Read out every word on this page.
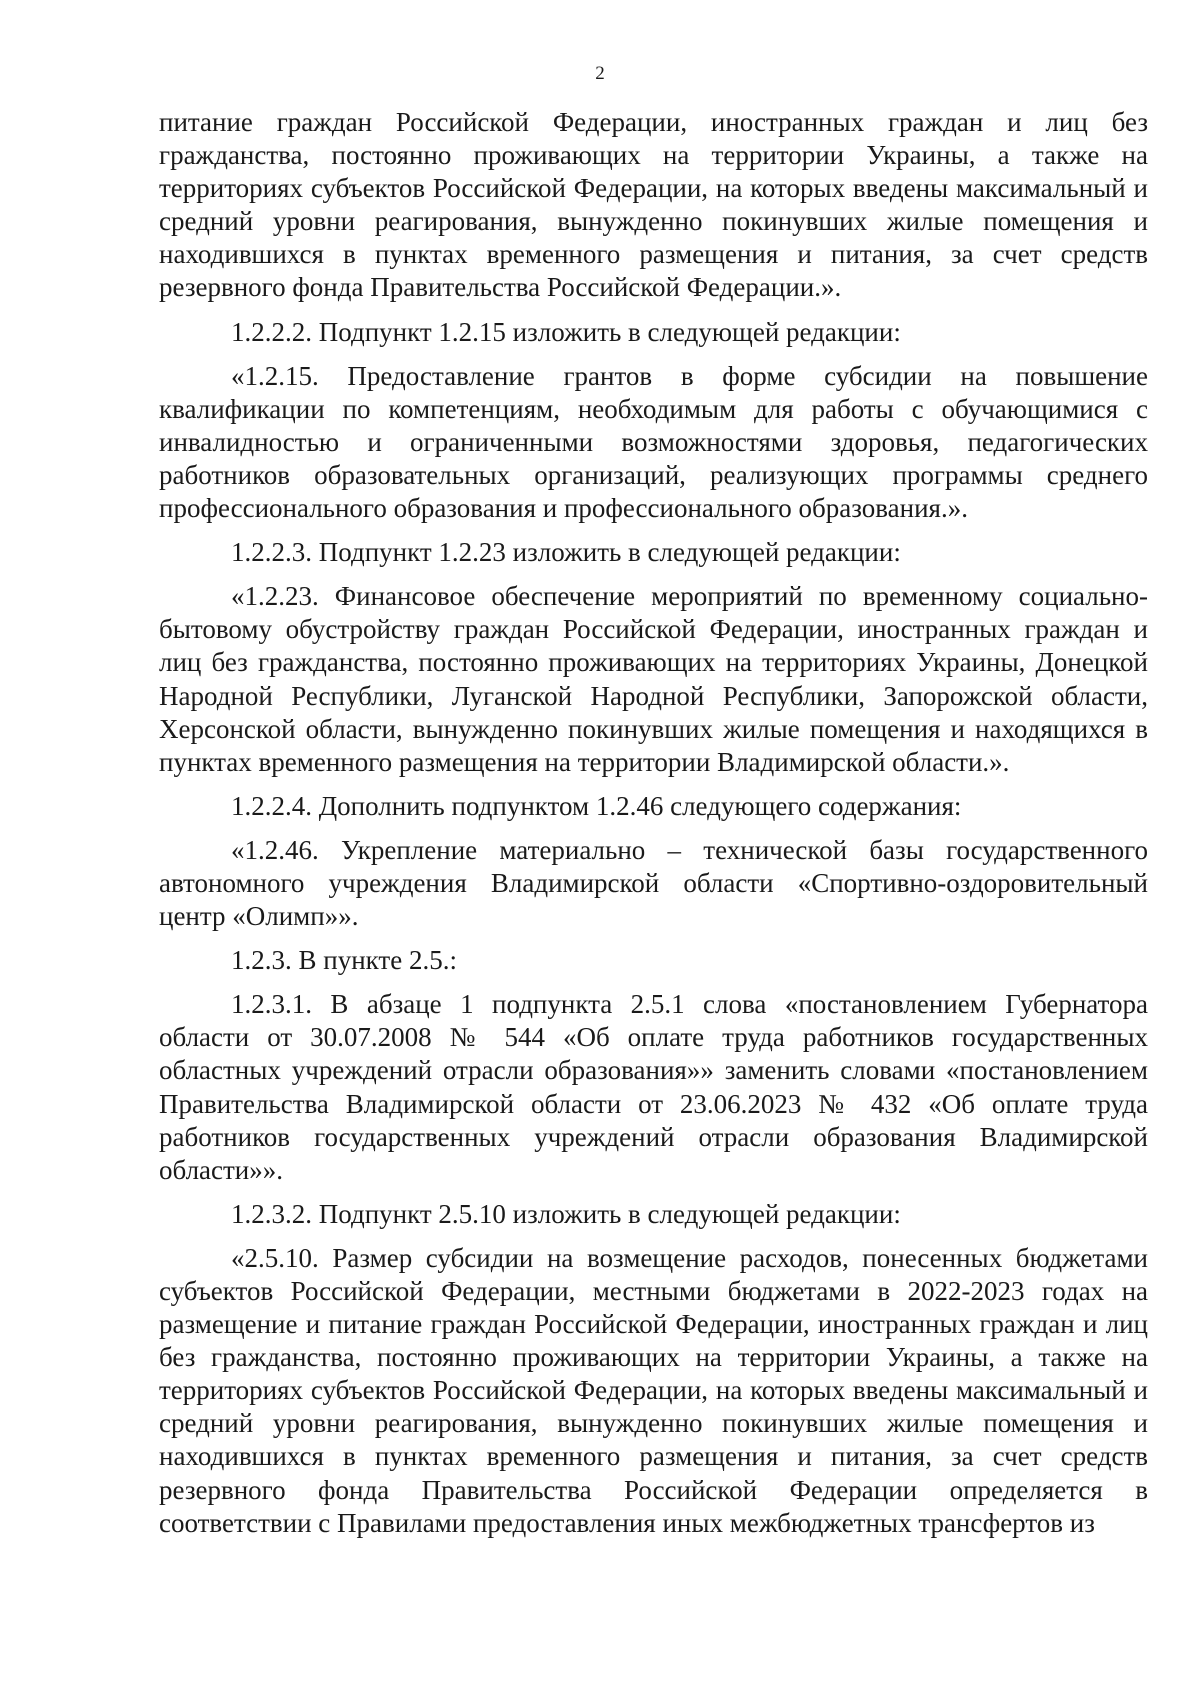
2

питание граждан Российской Федерации, иностранных граждан и лиц без гражданства, постоянно проживающих на территории Украины, а также на территориях субъектов Российской Федерации, на которых введены максимальный и средний уровни реагирования, вынужденно покинувших жилые помещения и находившихся в пунктах временного размещения и питания, за счет средств резервного фонда Правительства Российской Федерации.».

1.2.2.2. Подпункт 1.2.15 изложить в следующей редакции:

«1.2.15. Предоставление грантов в форме субсидии на повышение квалификации по компетенциям, необходимым для работы с обучающимися с инвалидностью и ограниченными возможностями здоровья, педагогических работников образовательных организаций, реализующих программы среднего профессионального образования и профессионального образования.».

1.2.2.3. Подпункт 1.2.23 изложить в следующей редакции:

«1.2.23. Финансовое обеспечение мероприятий по временному социально-бытовому обустройству граждан Российской Федерации, иностранных граждан и лиц без гражданства, постоянно проживающих на территориях Украины, Донецкой Народной Республики, Луганской Народной Республики, Запорожской области, Херсонской области, вынужденно покинувших жилые помещения и находящихся в пунктах временного размещения на территории Владимирской области.».

1.2.2.4. Дополнить подпунктом 1.2.46 следующего содержания:

«1.2.46. Укрепление материально – технической базы государственного автономного учреждения Владимирской области «Спортивно-оздоровительный центр «Олимп»».

1.2.3. В пункте 2.5.:

1.2.3.1. В абзаце 1 подпункта 2.5.1 слова «постановлением Губернатора области от 30.07.2008 № 544 «Об оплате труда работников государственных областных учреждений отрасли образования»» заменить словами «постановлением Правительства Владимирской области от 23.06.2023 № 432 «Об оплате труда работников государственных учреждений отрасли образования Владимирской области»».

1.2.3.2. Подпункт 2.5.10 изложить в следующей редакции:

«2.5.10. Размер субсидии на возмещение расходов, понесенных бюджетами субъектов Российской Федерации, местными бюджетами в 2022-2023 годах на размещение и питание граждан Российской Федерации, иностранных граждан и лиц без гражданства, постоянно проживающих на территории Украины, а также на территориях субъектов Российской Федерации, на которых введены максимальный и средний уровни реагирования, вынужденно покинувших жилые помещения и находившихся в пунктах временного размещения и питания, за счет средств резервного фонда Правительства Российской Федерации определяется в соответствии с Правилами предоставления иных межбюджетных трансфертов из
